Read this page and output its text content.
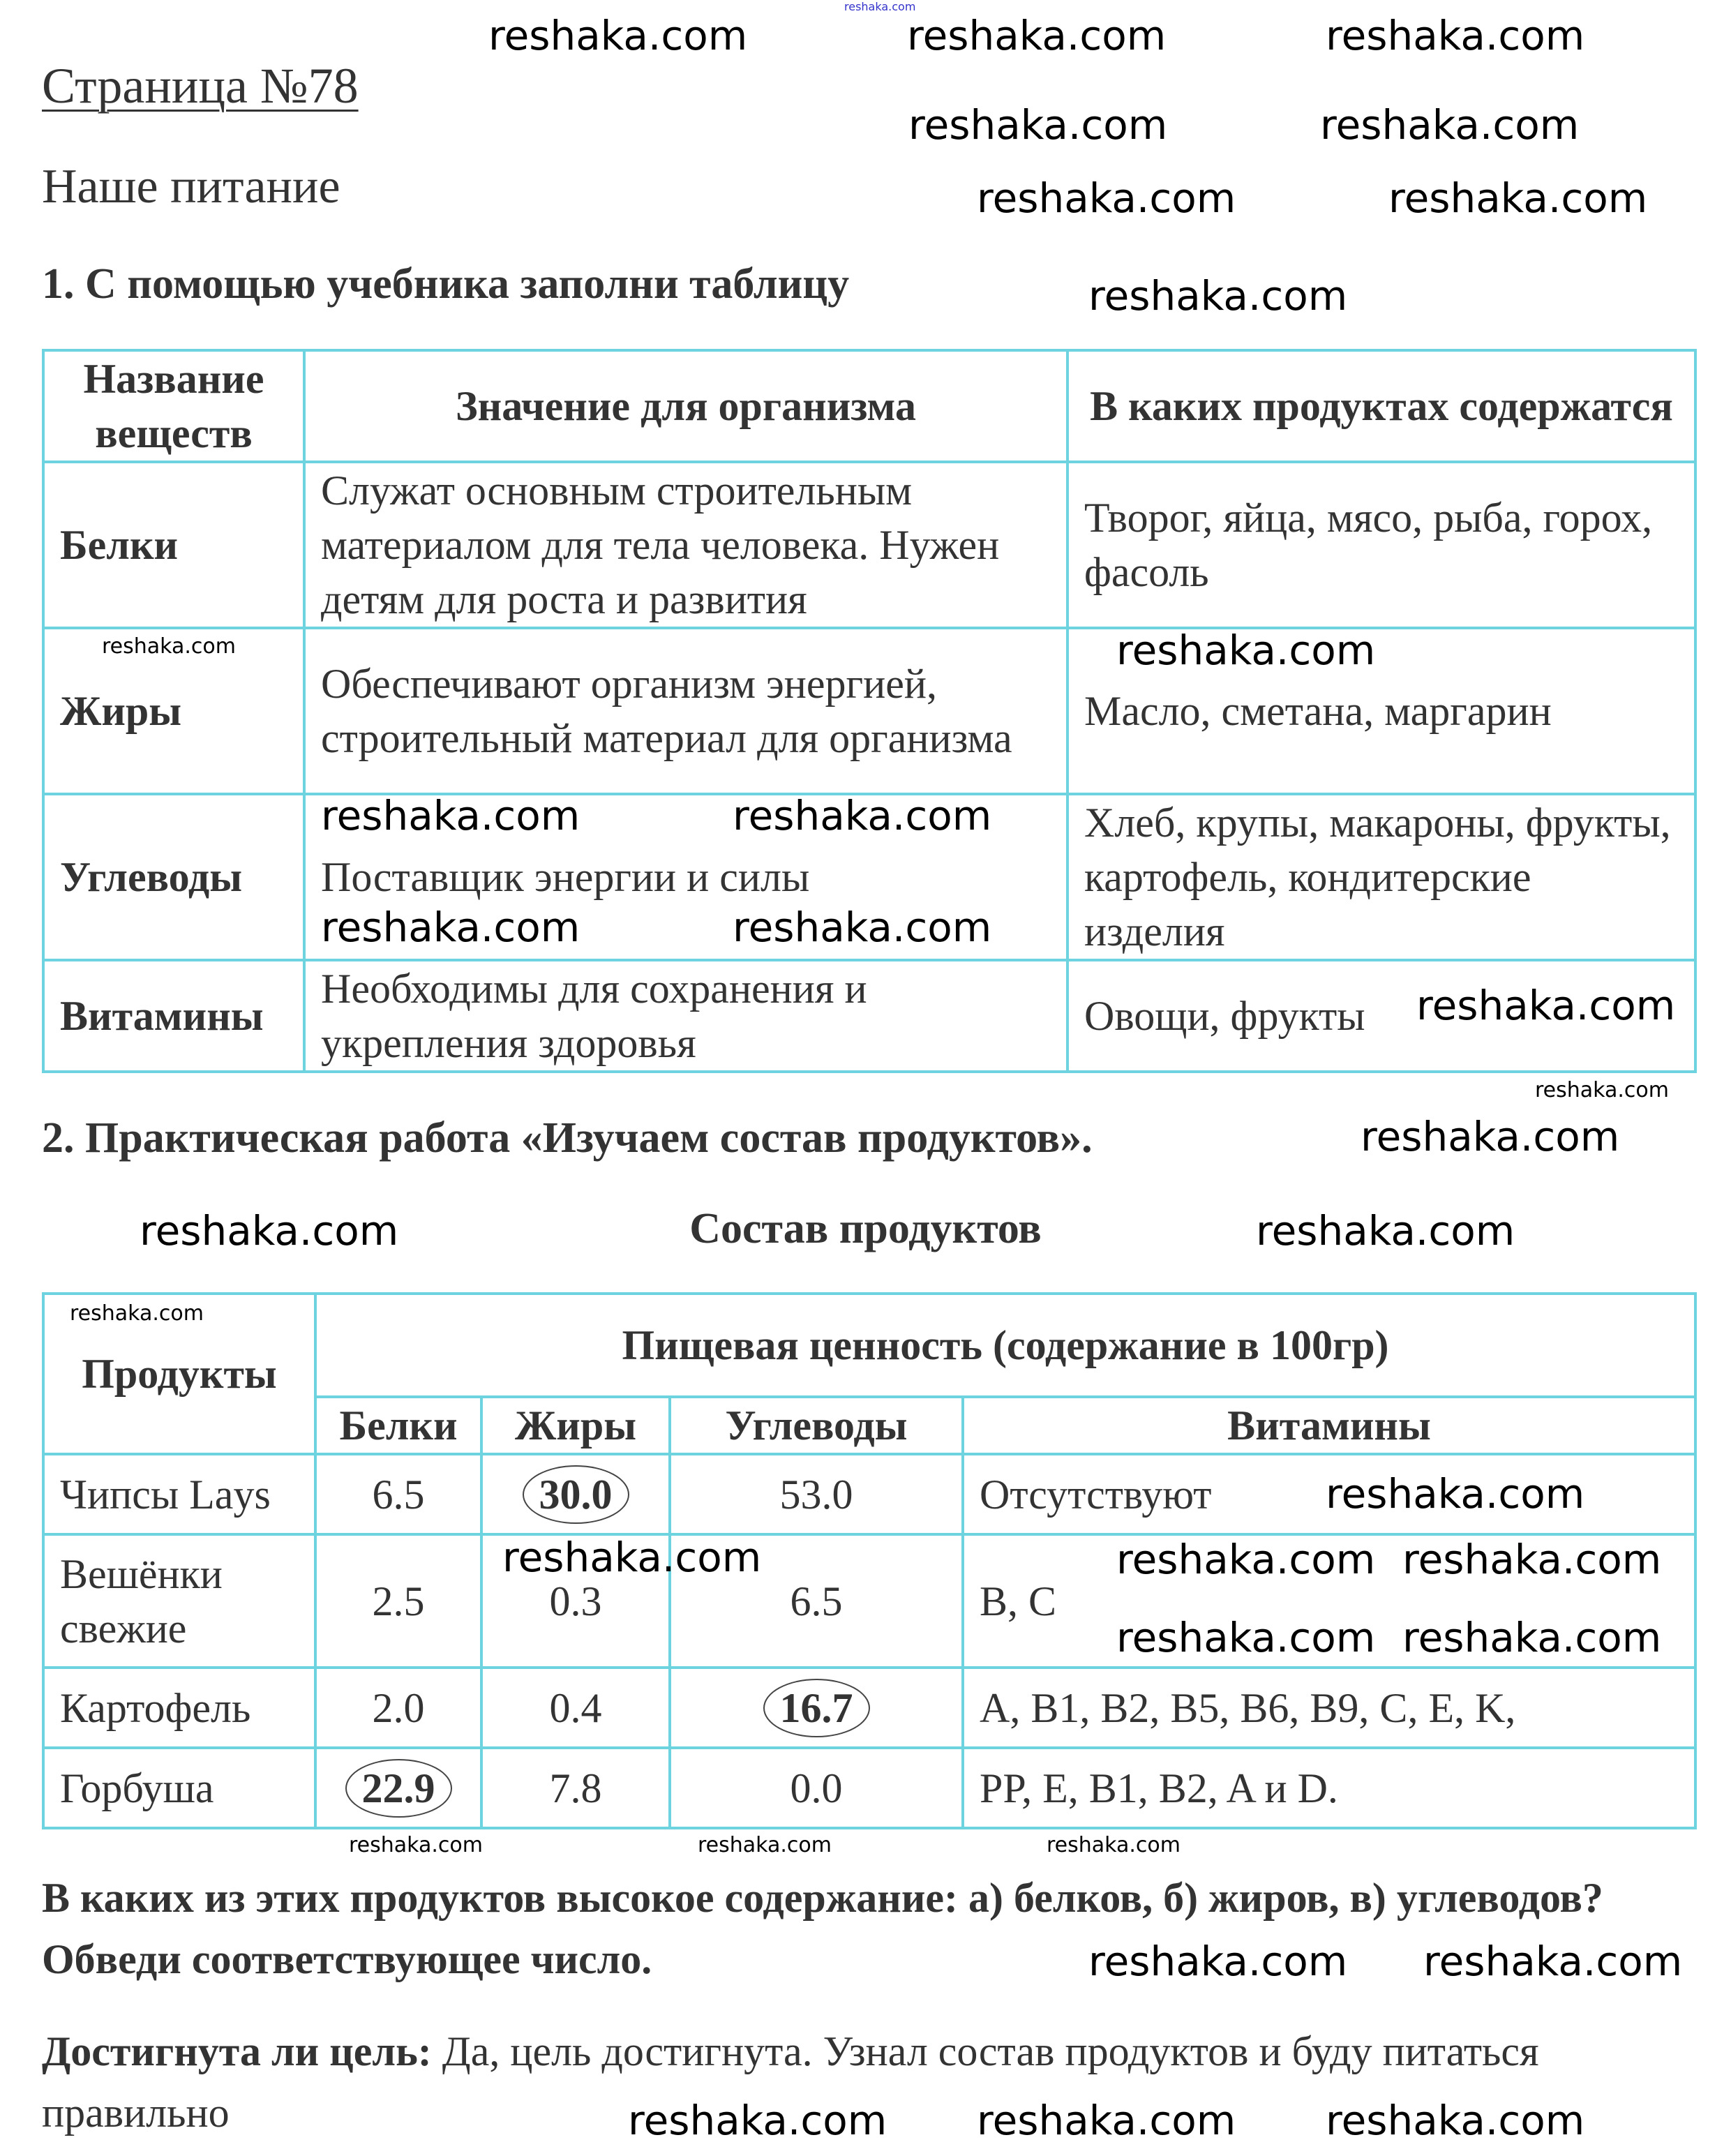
reshaka.com
Страница №78
Наше питание
1. С помощью учебника заполни таблицу
Название веществ	Значение для организма	В каких продуктах содержатся
Белки	Служат основным строительным материалом для тела человека. Нужен детям для роста и развития	Творог, яйца, мясо, рыба, горох, фасоль
Жиры	Обеспечивают организм энергией, строительный материал для организма	Масло, сметана, маргарин
Углеводы	Поставщик энергии и силы	Хлеб, крупы, макароны, фрукты, картофель, кондитерские изделия
Витамины	Необходимы для сохранения и укрепления здоровья	Овощи, фрукты
2. Практическая работа «Изучаем состав продуктов».
Состав продуктов
Продукты	Пищевая ценность (содержание в 100гр)			
	Белки	Жиры	Углеводы	Витамины
Чипсы Lays	6.5	30.0	53.0	Отсутствуют
Вешёнки свежие	2.5	0.3	6.5	B, C
Картофель	2.0	0.4	16.7	A, B1, B2, B5, B6, B9, C, E, K,
Горбуша	22.9	7.8	0.0	PP, E, B1, B2, A и D.
В каких из этих продуктов высокое содержание: а) белков, б) жиров, в) углеводов? Обведи соответствующее число.
Достигнута ли цель: Да, цель достигнута. Узнал состав продуктов и буду питаться правильно
reshaka.com	reshaka.com	reshaka.com
reshaka.com	reshaka.com
reshaka.com	reshaka.com
reshaka.com
reshaka.com	reshaka.com
reshaka.com	reshaka.com
reshaka.com
reshaka.com
reshaka.com
reshaka.com
reshaka.com
reshaka.com	reshaka.com
reshaka.com
reshaka.com
reshaka.com reshaka.com
reshaka.com reshaka.com
reshaka.com
reshaka.com	reshaka.com	reshaka.com
reshaka.com reshaka.com
reshaka.com reshaka.com reshaka.com
